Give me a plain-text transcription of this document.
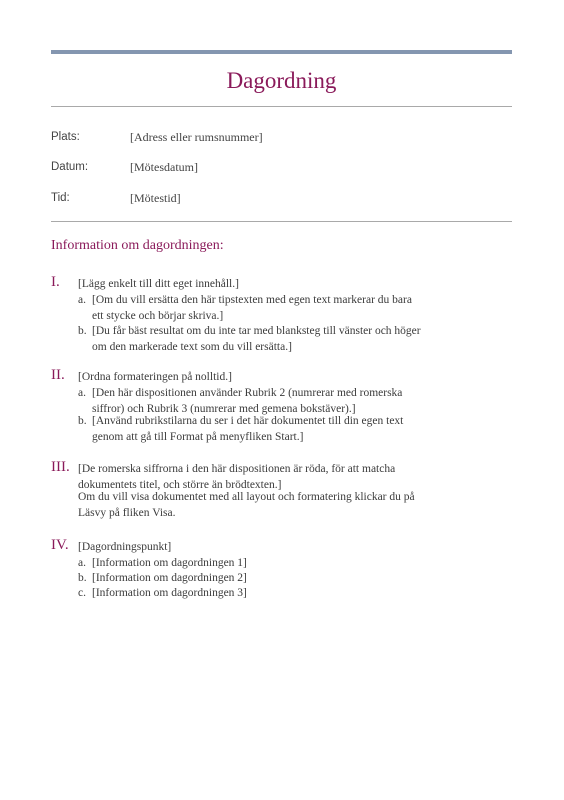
Dagordning
Plats:	[Adress eller rumsnummer]
Datum:	[Mötesdatum]
Tid:	[Mötestid]
Information om dagordningen:
I. [Lägg enkelt till ditt eget innehåll.]
a. [Om du vill ersätta den här tipstexten med egen text markerar du bara ett stycke och börjar skriva.]
b. [Du får bäst resultat om du inte tar med blanksteg till vänster och höger om den markerade text som du vill ersätta.]
II. [Ordna formateringen på nolltid.]
a. [Den här dispositionen använder Rubrik 2 (numrerar med romerska siffror) och Rubrik 3 (numrerar med gemena bokstäver).]
b. [Använd rubrikstilarna du ser i det här dokumentet till din egen text genom att gå till Format på menyfliken Start.]
III. [De romerska siffrorna i den här dispositionen är röda, för att matcha dokumentets titel, och större än brödtexten.]
Om du vill visa dokumentet med all layout och formatering klickar du på Läsvy på fliken Visa.
IV. [Dagordningspunkt]
a. [Information om dagordningen 1]
b. [Information om dagordningen 2]
c. [Information om dagordningen 3]
